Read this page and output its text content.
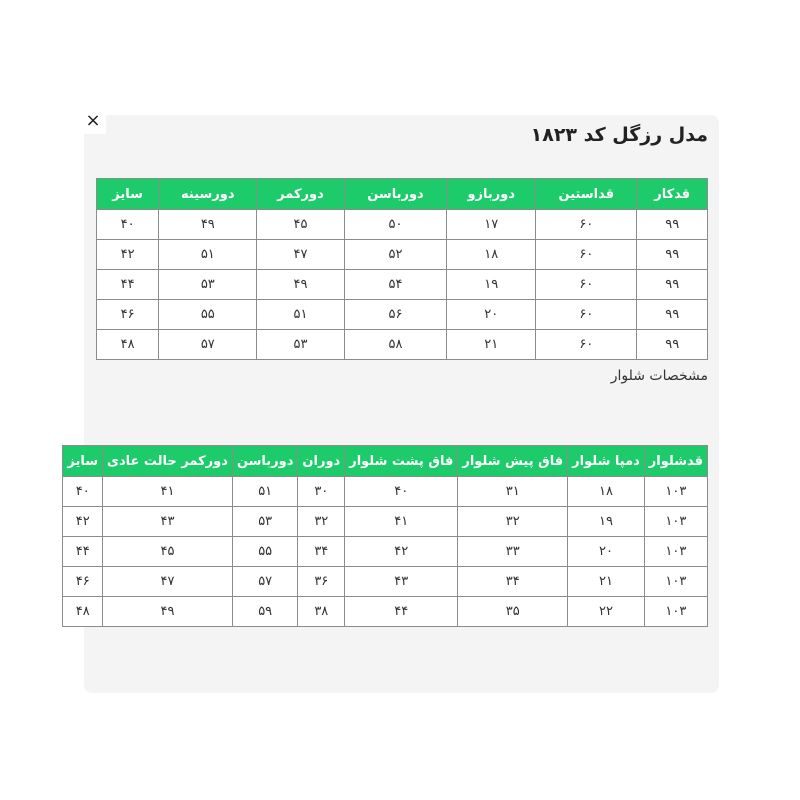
×
مدل رزگل کد ۱۸۲۳
قدکار	قداستین	دوربازو	دورباسن	دورکمر	دورسینه	سایز
۹۹	۶۰	۱۷	۵۰	۴۵	۴۹	۴۰
۹۹	۶۰	۱۸	۵۲	۴۷	۵۱	۴۲
۹۹	۶۰	۱۹	۵۴	۴۹	۵۳	۴۴
۹۹	۶۰	۲۰	۵۶	۵۱	۵۵	۴۶
۹۹	۶۰	۲۱	۵۸	۵۳	۵۷	۴۸
مشخصات شلوار
قدشلوار	دمپا شلوار	فاق پیش شلوار	فاق پشت شلوار	دوران	دورباسن	دورکمر حالت عادی	سایز
۱۰۳	۱۸	۳۱	۴۰	۳۰	۵۱	۴۱	۴۰
۱۰۳	۱۹	۳۲	۴۱	۳۲	۵۳	۴۳	۴۲
۱۰۳	۲۰	۳۳	۴۲	۳۴	۵۵	۴۵	۴۴
۱۰۳	۲۱	۳۴	۴۳	۳۶	۵۷	۴۷	۴۶
۱۰۳	۲۲	۳۵	۴۴	۳۸	۵۹	۴۹	۴۸
